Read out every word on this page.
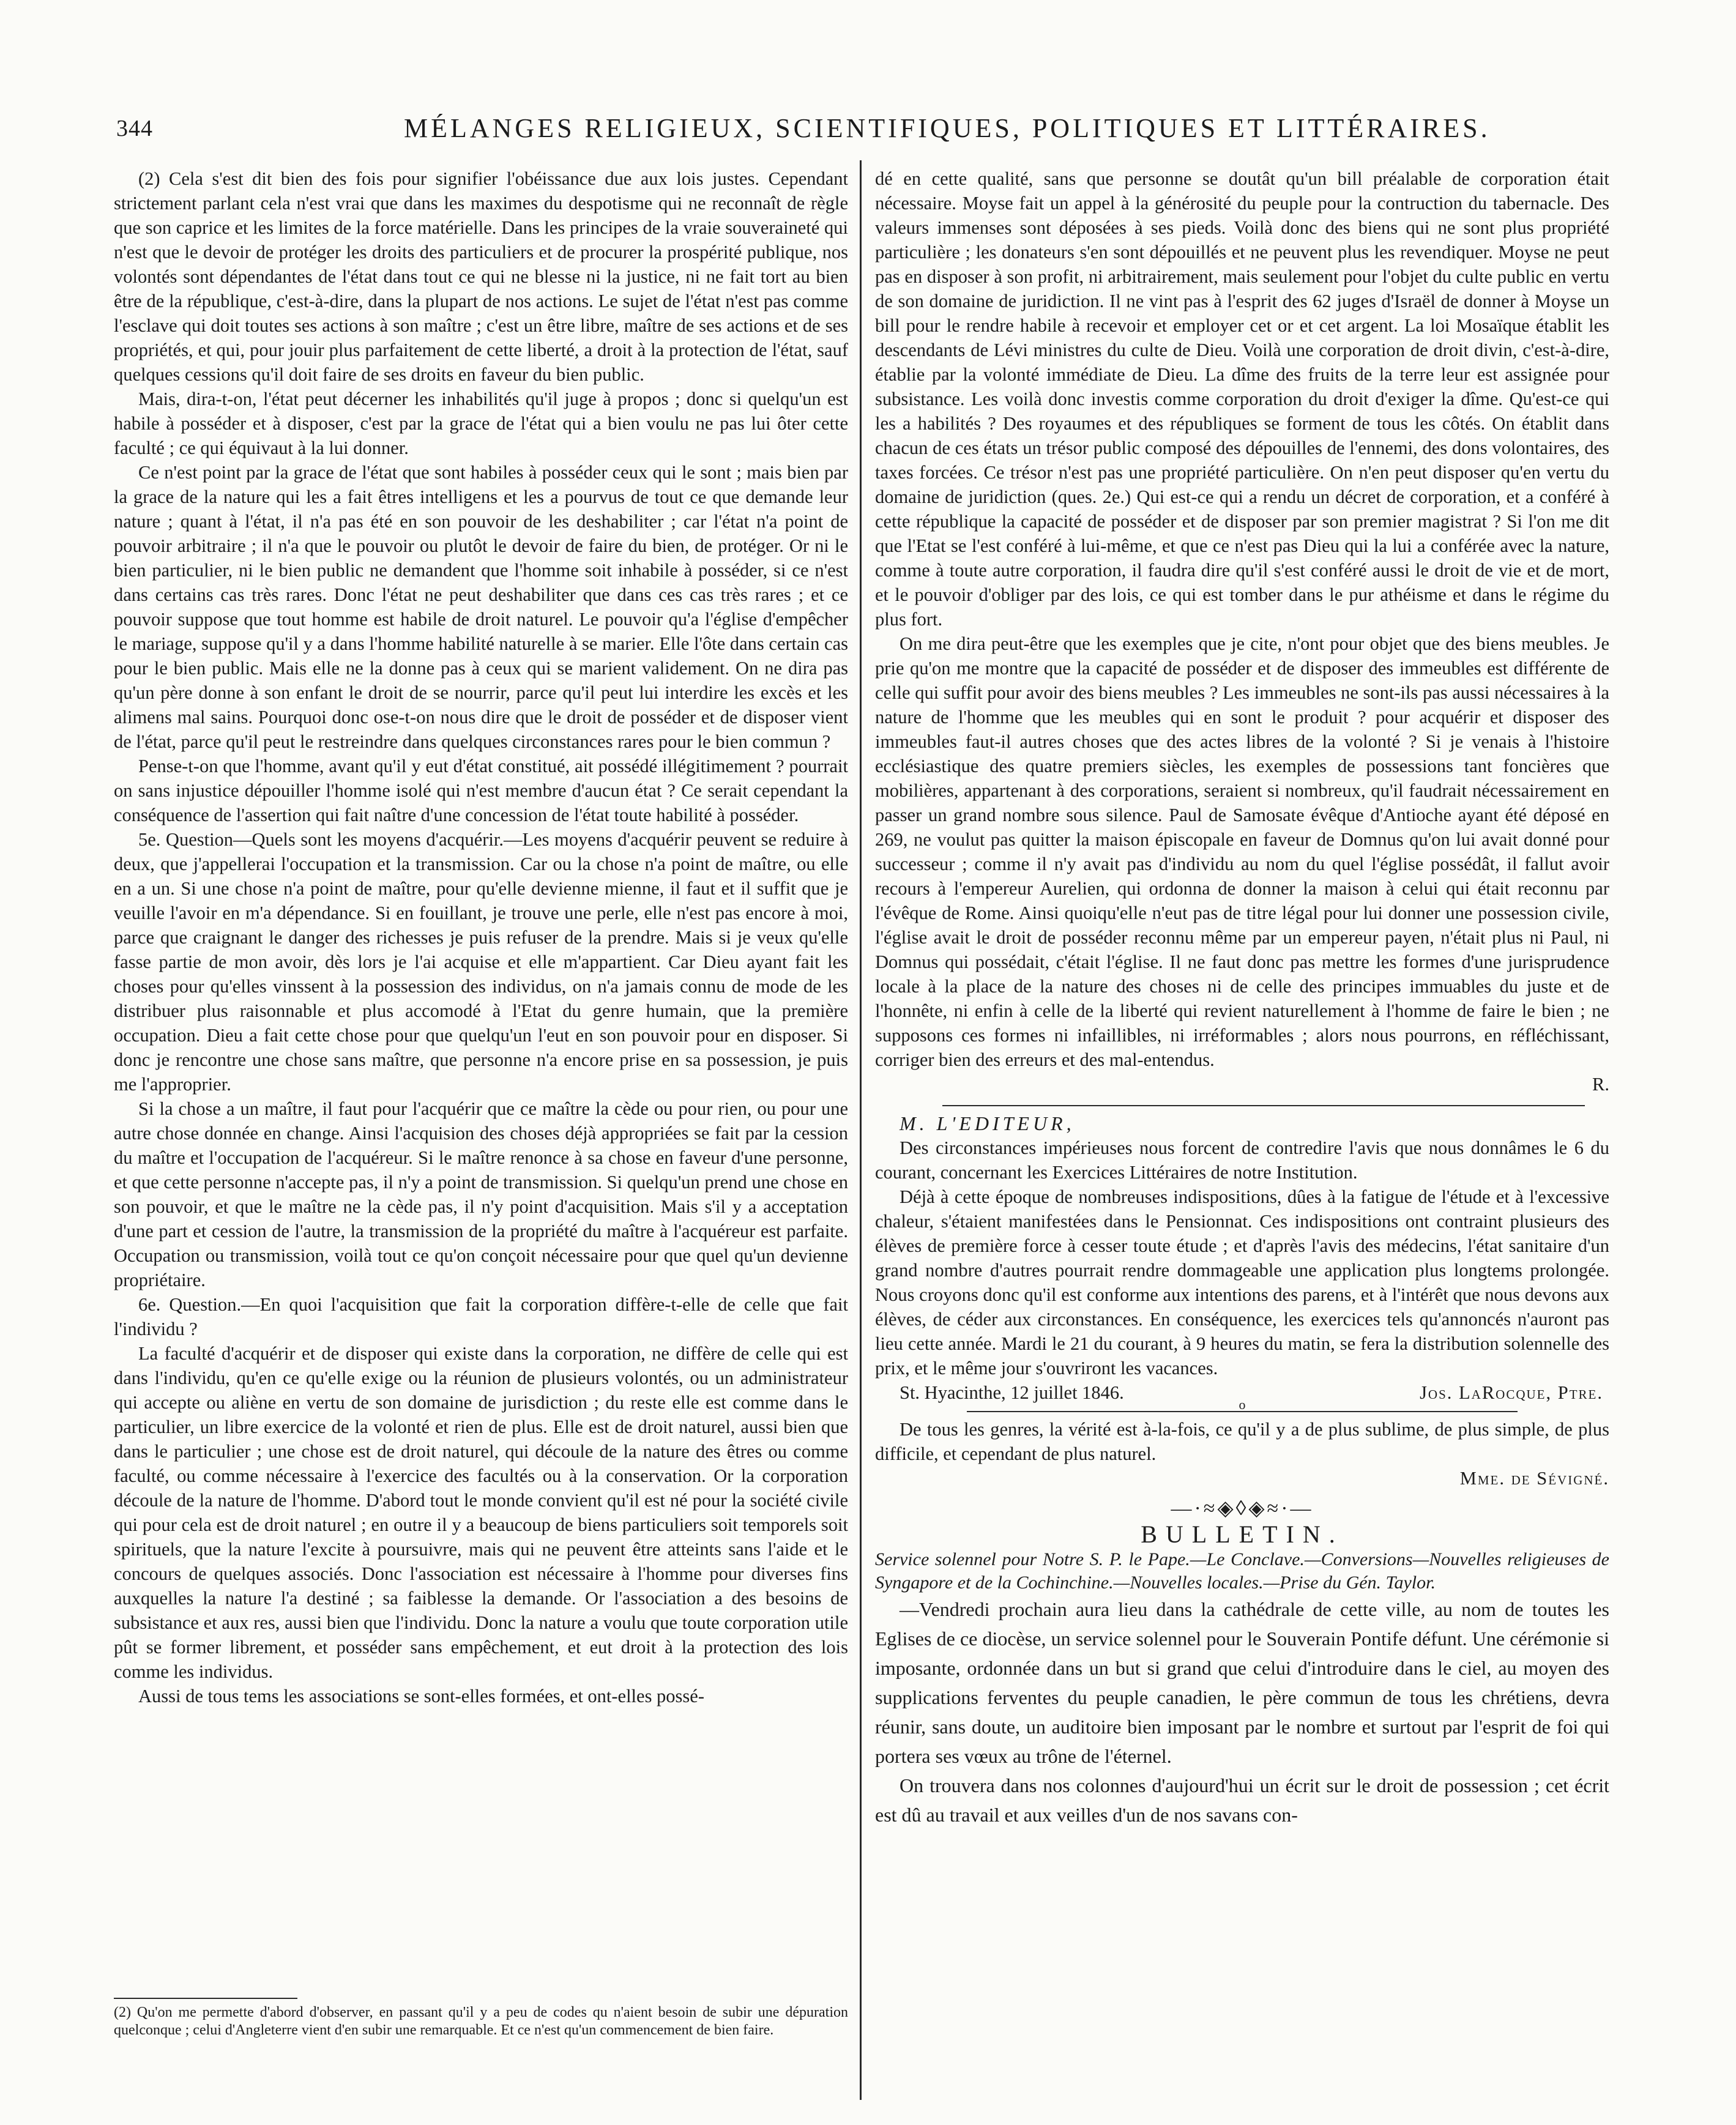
344	MÉLANGES RELIGIEUX, SCIENTIFIQUES, POLITIQUES ET LITTÉRAIRES.

(2) Cela s'est dit bien des fois pour signifier l'obéissance due aux lois justes. Cependant strictement parlant cela n'est vrai que dans les maximes du despotisme qui ne reconnaît de règle que son caprice et les limites de la force matérielle. Dans les principes de la vraie souveraineté qui n'est que le devoir de protéger les droits des particuliers et de procurer la prospérité publique, nos volontés sont dépendantes de l'état dans tout ce qui ne blesse ni la justice, ni ne fait tort au bien être de la république, c'est-à-dire, dans la plupart de nos actions. Le sujet de l'état n'est pas comme l'esclave qui doit toutes ses actions à son maître ; c'est un être libre, maître de ses actions et de ses propriétés, et qui, pour jouir plus parfaitement de cette liberté, a droit à la protection de l'état, sauf quelques cessions qu'il doit faire de ses droits en faveur du bien public.

Mais, dira-t-on, l'état peut décerner les inhabilités qu'il juge à propos ; donc si quelqu'un est habile à posséder et à disposer, c'est par la grace de l'état qui a bien voulu ne pas lui ôter cette faculté ; ce qui équivaut à la lui donner.

Ce n'est point par la grace de l'état que sont habiles à posséder ceux qui le sont ; mais bien par la grace de la nature qui les a fait êtres intelligens et les a pourvus de tout ce que demande leur nature ; quant à l'état, il n'a pas été en son pouvoir de les deshabiliter ; car l'état n'a point de pouvoir arbitraire ; il n'a que le pouvoir ou plutôt le devoir de faire du bien, de protéger. Or ni le bien particulier, ni le bien public ne demandent que l'homme soit inhabile à posséder, si ce n'est dans certains cas très rares. Donc l'état ne peut deshabiliter que dans ces cas très rares ; et ce pouvoir suppose que tout homme est habile de droit naturel. Le pouvoir qu'a l'église d'empêcher le mariage, suppose qu'il y a dans l'homme habilité naturelle à se marier. Elle l'ôte dans certain cas pour le bien public. Mais elle ne la donne pas à ceux qui se marient validement. On ne dira pas qu'un père donne à son enfant le droit de se nourrir, parce qu'il peut lui interdire les excès et les alimens mal sains. Pourquoi donc ose-t-on nous dire que le droit de posséder et de disposer vient de l'état, parce qu'il peut le restreindre dans quelques circonstances rares pour le bien commun ?

Pense-t-on que l'homme, avant qu'il y eut d'état constitué, ait possédé illégitimement ? pourrait on sans injustice dépouiller l'homme isolé qui n'est membre d'aucun état ? Ce serait cependant la conséquence de l'assertion qui fait naître d'une concession de l'état toute habilité à posséder.

5e. Question—Quels sont les moyens d'acquérir.—Les moyens d'acquérir peuvent se reduire à deux, que j'appellerai l'occupation et la transmission. Car ou la chose n'a point de maître, ou elle en a un. Si une chose n'a point de maître, pour qu'elle devienne mienne, il faut et il suffit que je veuille l'avoir en m'a dépendance. Si en fouillant, je trouve une perle, elle n'est pas encore à moi, parce que craignant le danger des richesses je puis refuser de la prendre. Mais si je veux qu'elle fasse partie de mon avoir, dès lors je l'ai acquise et elle m'appartient. Car Dieu ayant fait les choses pour qu'elles vinssent à la possession des individus, on n'a jamais connu de mode de les distribuer plus raisonnable et plus accomodé à l'Etat du genre humain, que la première occupation. Dieu a fait cette chose pour que quelqu'un l'eut en son pouvoir pour en disposer. Si donc je rencontre une chose sans maître, que personne n'a encore prise en sa possession, je puis me l'approprier.

Si la chose a un maître, il faut pour l'acquérir que ce maître la cède ou pour rien, ou pour une autre chose donnée en change. Ainsi l'acquision des choses déjà appropriées se fait par la cession du maître et l'occupation de l'acquéreur. Si le maître renonce à sa chose en faveur d'une personne, et que cette personne n'accepte pas, il n'y a point de transmission. Si quelqu'un prend une chose en son pouvoir, et que le maître ne la cède pas, il n'y point d'acquisition. Mais s'il y a acceptation d'une part et cession de l'autre, la transmission de la propriété du maître à l'acquéreur est parfaite. Occupation ou transmission, voilà tout ce qu'on conçoit nécessaire pour que quel qu'un devienne propriétaire.

6e. Question.—En quoi l'acquisition que fait la corporation diffère-t-elle de celle que fait l'individu ?

La faculté d'acquérir et de disposer qui existe dans la corporation, ne diffère de celle qui est dans l'individu, qu'en ce qu'elle exige ou la réunion de plusieurs volontés, ou un administrateur qui accepte ou aliène en vertu de son domaine de jurisdiction ; du reste elle est comme dans le particulier, un libre exercice de la volonté et rien de plus. Elle est de droit naturel, aussi bien que dans le particulier ; une chose est de droit naturel, qui découle de la nature des êtres ou comme faculté, ou comme nécessaire à l'exercice des facultés ou à la conservation. Or la corporation découle de la nature de l'homme. D'abord tout le monde convient qu'il est né pour la société civile qui pour cela est de droit naturel ; en outre il y a beaucoup de biens particuliers soit temporels soit spirituels, que la nature l'excite à poursuivre, mais qui ne peuvent être atteints sans l'aide et le concours de quelques associés. Donc l'association est nécessaire à l'homme pour diverses fins auxquelles la nature l'a destiné ; sa faiblesse la demande. Or l'association a des besoins de subsistance et aux res, aussi bien que l'individu. Donc la nature a voulu que toute corporation utile pût se former librement, et posséder sans empêchement, et eut droit à la protection des lois comme les individus.

Aussi de tous tems les associations se sont-elles formées, et ont-elles possé-

(2) Qu'on me permette d'abord d'observer, en passant qu'il y a peu de codes qu n'aient besoin de subir une dépuration quelconque ; celui d'Angleterre vient d'en subir une remarquable. Et ce n'est qu'un commencement de bien faire.

dé en cette qualité, sans que personne se doutât qu'un bill préalable de corporation était nécessaire. Moyse fait un appel à la générosité du peuple pour la contruction du tabernacle. Des valeurs immenses sont déposées à ses pieds. Voilà donc des biens qui ne sont plus propriété particulière ; les donateurs s'en sont dépouillés et ne peuvent plus les revendiquer. Moyse ne peut pas en disposer à son profit, ni arbitrairement, mais seulement pour l'objet du culte public en vertu de son domaine de juridiction. Il ne vint pas à l'esprit des 62 juges d'Israël de donner à Moyse un bill pour le rendre habile à recevoir et employer cet or et cet argent. La loi Mosaïque établit les descendants de Lévi ministres du culte de Dieu. Voilà une corporation de droit divin, c'est-à-dire, établie par la volonté immédiate de Dieu. La dîme des fruits de la terre leur est assignée pour subsistance. Les voilà donc investis comme corporation du droit d'exiger la dîme. Qu'est-ce qui les a habilités ? Des royaumes et des républiques se forment de tous les côtés. On établit dans chacun de ces états un trésor public composé des dépouilles de l'ennemi, des dons volontaires, des taxes forcées. Ce trésor n'est pas une propriété particulière. On n'en peut disposer qu'en vertu du domaine de juridiction (ques. 2e.) Qui est-ce qui a rendu un décret de corporation, et a conféré à cette république la capacité de posséder et de disposer par son premier magistrat ? Si l'on me dit que l'Etat se l'est conféré à lui-même, et que ce n'est pas Dieu qui la lui a conférée avec la nature, comme à toute autre corporation, il faudra dire qu'il s'est conféré aussi le droit de vie et de mort, et le pouvoir d'obliger par des lois, ce qui est tomber dans le pur athéisme et dans le régime du plus fort.

On me dira peut-être que les exemples que je cite, n'ont pour objet que des biens meubles. Je prie qu'on me montre que la capacité de posséder et de disposer des immeubles est différente de celle qui suffit pour avoir des biens meubles ? Les immeubles ne sont-ils pas aussi nécessaires à la nature de l'homme que les meubles qui en sont le produit ? pour acquérir et disposer des immeubles faut-il autres choses que des actes libres de la volonté ? Si je venais à l'histoire ecclésiastique des quatre premiers siècles, les exemples de possessions tant foncières que mobilières, appartenant à des corporations, seraient si nombreux, qu'il faudrait nécessairement en passer un grand nombre sous silence. Paul de Samosate évêque d'Antioche ayant été déposé en 269, ne voulut pas quitter la maison épiscopale en faveur de Domnus qu'on lui avait donné pour successeur ; comme il n'y avait pas d'individu au nom du quel l'église possédât, il fallut avoir recours à l'empereur Aurelien, qui ordonna de donner la maison à celui qui était reconnu par l'évêque de Rome. Ainsi quoiqu'elle n'eut pas de titre légal pour lui donner une possession civile, l'église avait le droit de posséder reconnu même par un empereur payen, n'était plus ni Paul, ni Domnus qui possédait, c'était l'église. Il ne faut donc pas mettre les formes d'une jurisprudence locale à la place de la nature des choses ni de celle des principes immuables du juste et de l'honnête, ni enfin à celle de la liberté qui revient naturellement à l'homme de faire le bien ; ne supposons ces formes ni infaillibles, ni irréformables ; alors nous pourrons, en réfléchissant, corriger bien des erreurs et des mal-entendus.

R.

M. L'EDITEUR,

Des circonstances impérieuses nous forcent de contredire l'avis que nous donnâmes le 6 du courant, concernant les Exercices Littéraires de notre Institution.

Déjà à cette époque de nombreuses indispositions, dûes à la fatigue de l'étude et à l'excessive chaleur, s'étaient manifestées dans le Pensionnat. Ces indispositions ont contraint plusieurs des élèves de première force à cesser toute étude ; et d'après l'avis des médecins, l'état sanitaire d'un grand nombre d'autres pourrait rendre dommageable une application plus longtems prolongée. Nous croyons donc qu'il est conforme aux intentions des parens, et à l'intérêt que nous devons aux élèves, de céder aux circonstances. En conséquence, les exercices tels qu'annoncés n'auront pas lieu cette année. Mardi le 21 du courant, à 9 heures du matin, se fera la distribution solennelle des prix, et le même jour s'ouvriront les vacances.

St. Hyacinthe, 12 juillet 1846.	Jos. LaRocque, Ptre.

o

De tous les genres, la vérité est à-la-fois, ce qu'il y a de plus sublime, de plus simple, de plus difficile, et cependant de plus naturel.

Mme. de Sévigné.

—·≈◈◊◈≈·—
BULLETIN.

Service solennel pour Notre S. P. le Pape.—Le Conclave.—Conversions—Nouvelles religieuses de Syngapore et de la Cochinchine.—Nouvelles locales.—Prise du Gén. Taylor.

—Vendredi prochain aura lieu dans la cathédrale de cette ville, au nom de toutes les Eglises de ce diocèse, un service solennel pour le Souverain Pontife défunt. Une cérémonie si imposante, ordonnée dans un but si grand que celui d'introduire dans le ciel, au moyen des supplications ferventes du peuple canadien, le père commun de tous les chrétiens, devra réunir, sans doute, un auditoire bien imposant par le nombre et surtout par l'esprit de foi qui portera ses vœux au trône de l'éternel.

On trouvera dans nos colonnes d'aujourd'hui un écrit sur le droit de possession ; cet écrit est dû au travail et aux veilles d'un de nos savans con-
